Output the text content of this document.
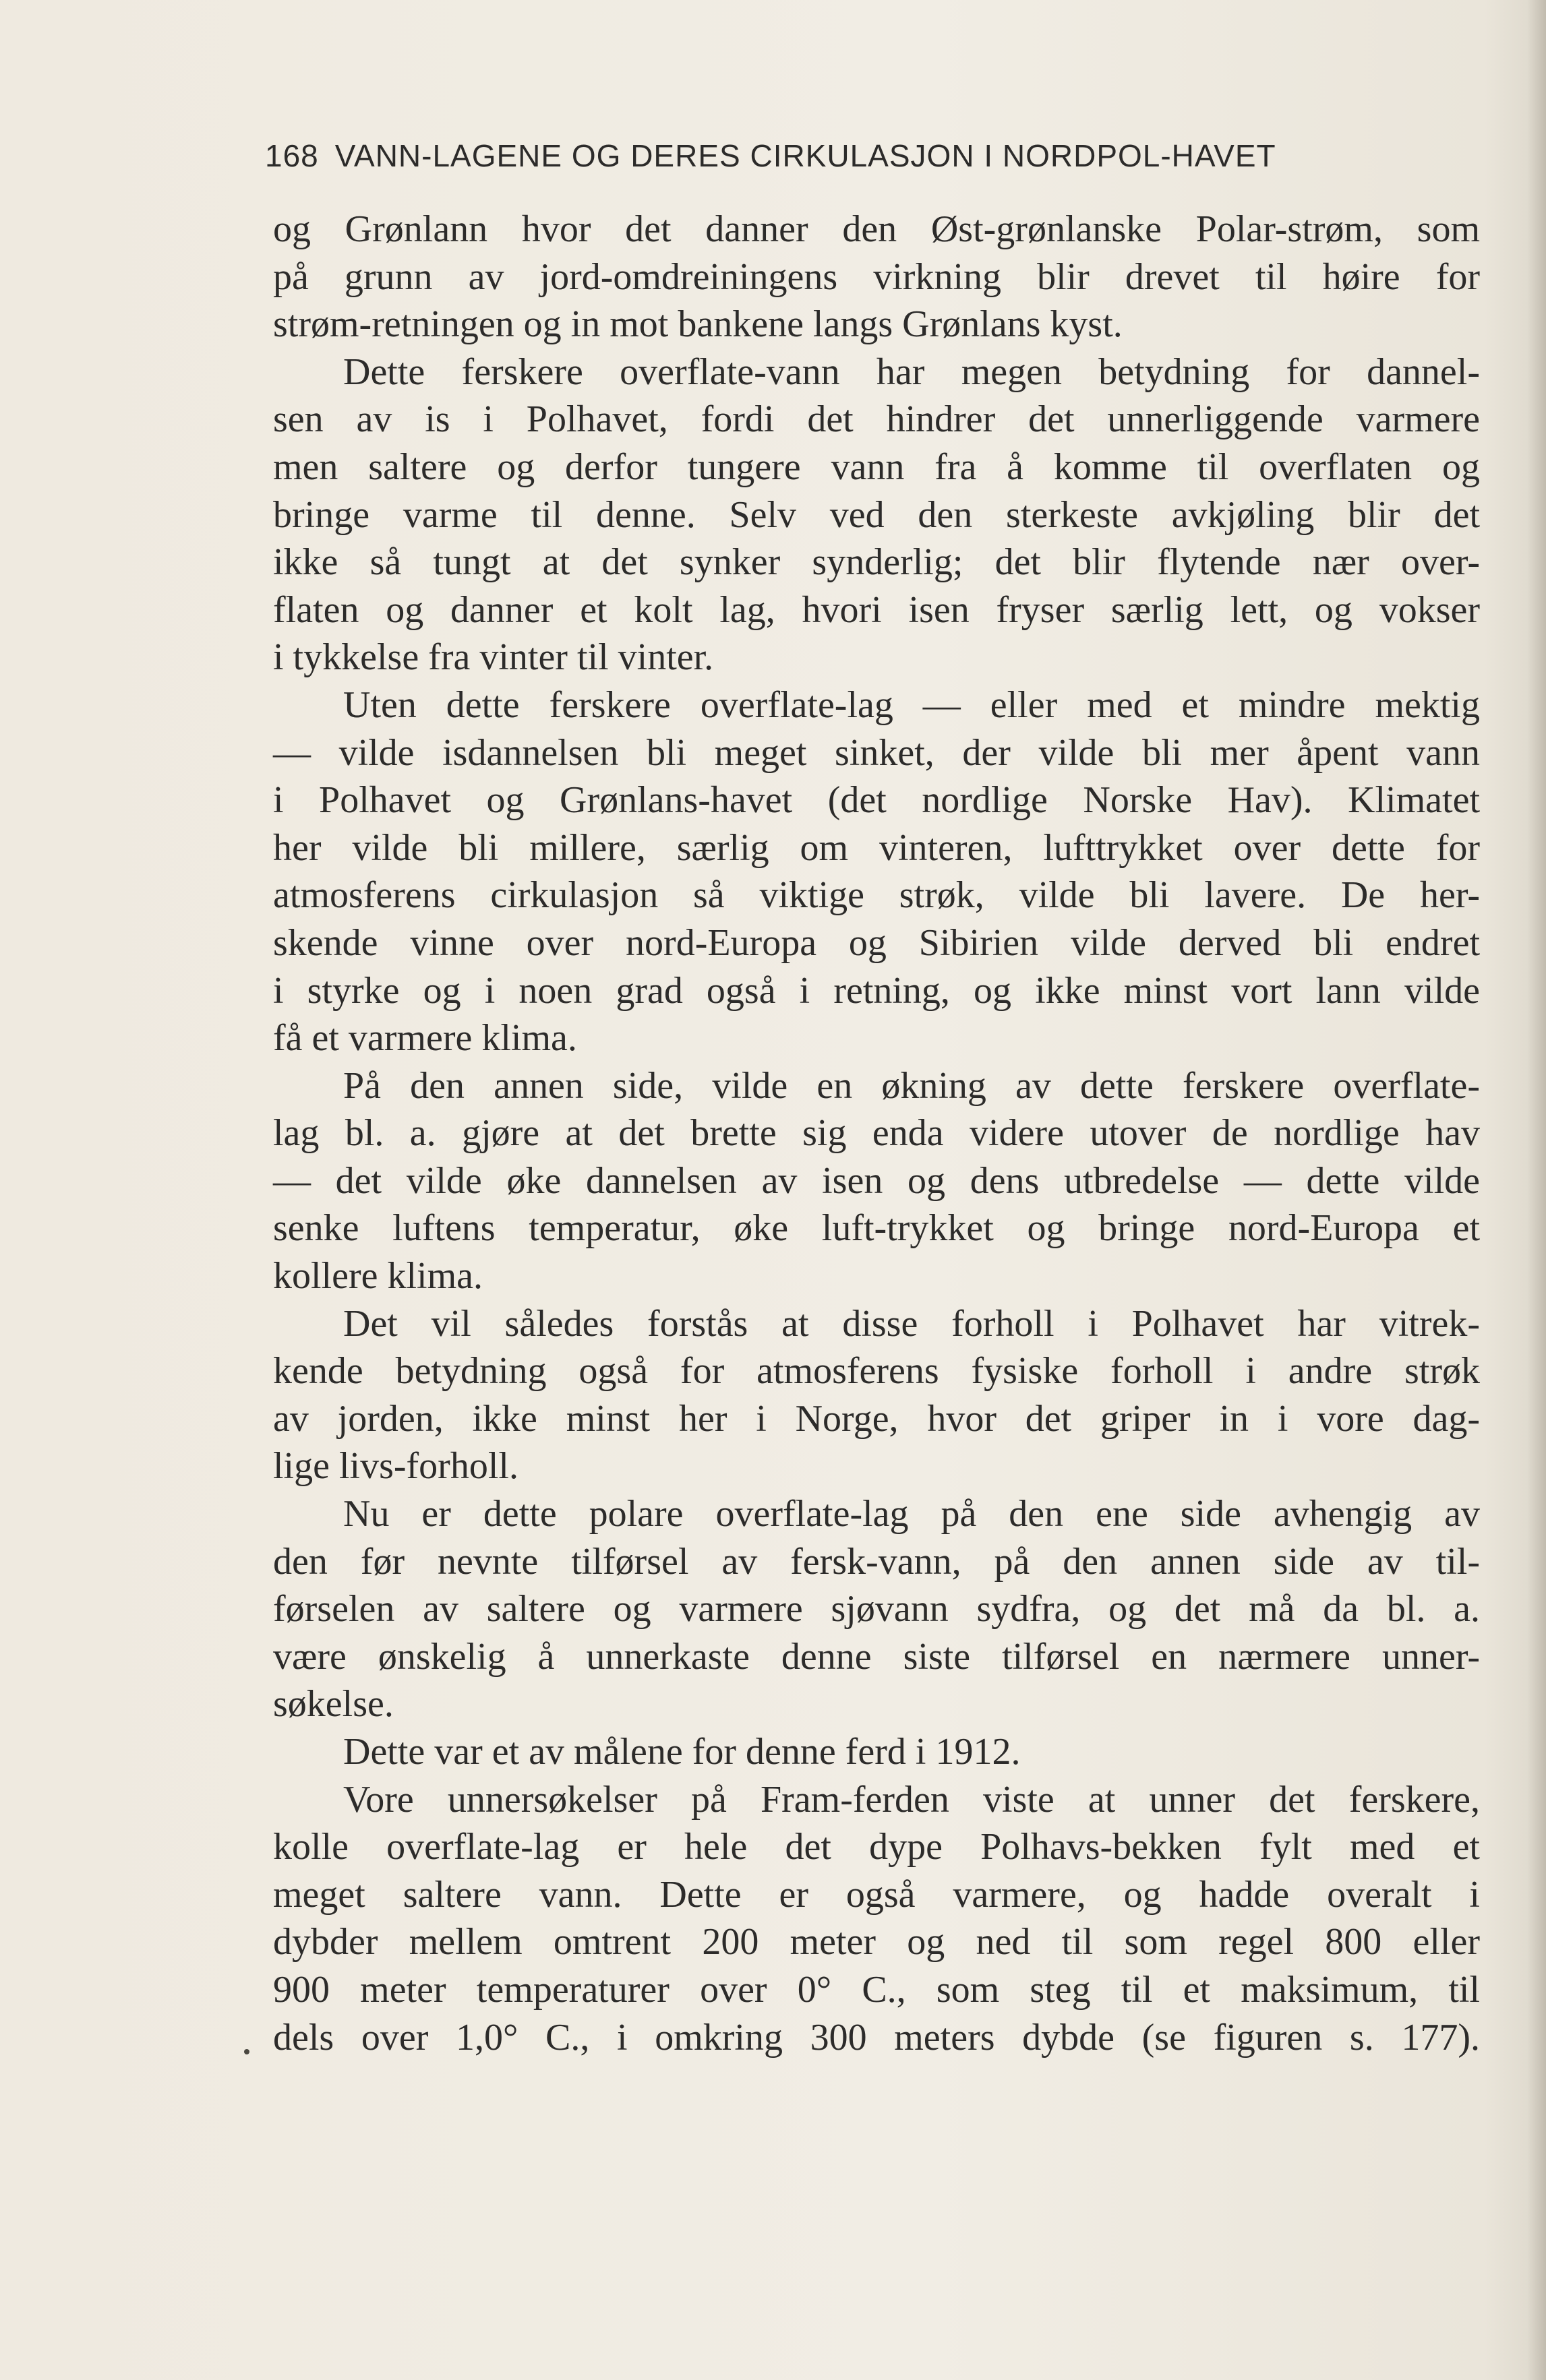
168 VANN-LAGENE OG DERES CIRKULASJON I NORDPOL-HAVET
og Grønlann hvor det danner den Øst-grønlanske Polar-strøm, som
på grunn av jord-omdreiningens virkning blir drevet til høire for
strøm-retningen og in mot bankene langs Grønlans kyst.
Dette ferskere overflate-vann har megen betydning for dannel-
sen av is i Polhavet, fordi det hindrer det unnerliggende varmere
men saltere og derfor tungere vann fra å komme til overflaten og
bringe varme til denne. Selv ved den sterkeste avkjøling blir det
ikke så tungt at det synker synderlig; det blir flytende nær over-
flaten og danner et kolt lag, hvori isen fryser særlig lett, og vokser
i tykkelse fra vinter til vinter.
Uten dette ferskere overflate-lag — eller med et mindre mektig
— vilde isdannelsen bli meget sinket, der vilde bli mer åpent vann
i Polhavet og Grønlans-havet (det nordlige Norske Hav). Klimatet
her vilde bli millere, særlig om vinteren, lufttrykket over dette for
atmosferens cirkulasjon så viktige strøk, vilde bli lavere. De her-
skende vinne over nord-Europa og Sibirien vilde derved bli endret
i styrke og i noen grad også i retning, og ikke minst vort lann vilde
få et varmere klima.
På den annen side, vilde en økning av dette ferskere overflate-
lag bl. a. gjøre at det brette sig enda videre utover de nordlige hav
— det vilde øke dannelsen av isen og dens utbredelse — dette vilde
senke luftens temperatur, øke luft-trykket og bringe nord-Europa et
kollere klima.
Det vil således forstås at disse forholl i Polhavet har vitrek-
kende betydning også for atmosferens fysiske forholl i andre strøk
av jorden, ikke minst her i Norge, hvor det griper in i vore dag-
lige livs-forholl.
Nu er dette polare overflate-lag på den ene side avhengig av
den før nevnte tilførsel av fersk-vann, på den annen side av til-
førselen av saltere og varmere sjøvann sydfra, og det må da bl. a.
være ønskelig å unnerkaste denne siste tilførsel en nærmere unner-
søkelse.
Dette var et av målene for denne ferd i 1912.
Vore unnersøkelser på Fram-ferden viste at unner det ferskere,
kolle overflate-lag er hele det dype Polhavs-bekken fylt med et
meget saltere vann. Dette er også varmere, og hadde overalt i
dybder mellem omtrent 200 meter og ned til som regel 800 eller
900 meter temperaturer over 0° C., som steg til et maksimum, til
dels over 1,0° C., i omkring 300 meters dybde (se figuren s. 177).
